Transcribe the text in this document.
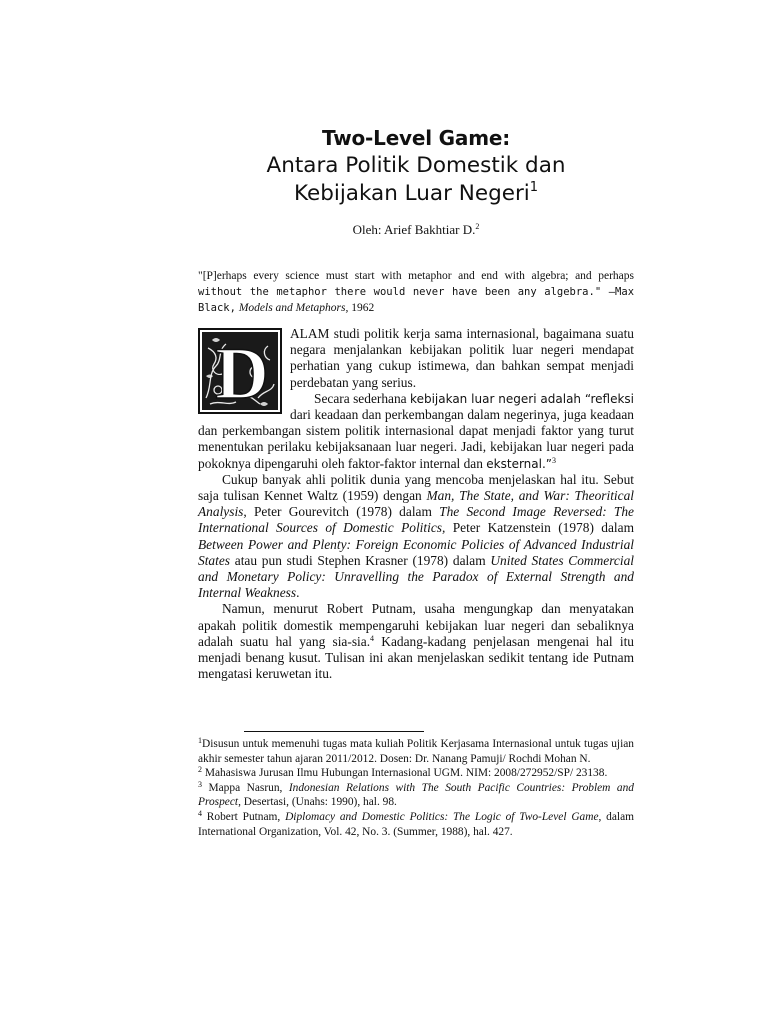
Two-Level Game:
Antara Politik Domestik dan
Kebijakan Luar Negeri$^1$
Oleh: Arief Bakhtiar D.$^2$
"[P]erhaps every science must start with metaphor and end with algebra; and perhaps without the metaphor there would never have been any algebra." —Max Black, Models and Metaphors, 1962
D	ALAM studi politik kerja sama internasional, bagaimana suatu negara menjalankan kebijakan politik luar negeri mendapat perhatian yang cukup istimewa, dan bahkan sempat menjadi perdebatan yang serius.

Secara sederhana kebijakan luar negeri adalah “refleksi dari keadaan dan perkembangan dalam negerinya, juga keadaan dan perkembangan sistem politik internasional dapat menjadi faktor yang turut menentukan perilaku kebijaksanaan luar negeri. Jadi, kebijakan luar negeri pada pokoknya dipengaruhi oleh faktor-faktor internal dan eksternal.”$^3$

Cukup banyak ahli politik dunia yang mencoba menjelaskan hal itu. Sebut saja tulisan Kennet Waltz (1959) dengan Man, The State, and War: Theoritical Analysis, Peter Gourevitch (1978) dalam The Second Image Reversed: The International Sources of Domestic Politics, Peter Katzenstein (1978) dalam Between Power and Plenty: Foreign Economic Policies of Advanced Industrial States atau pun studi Stephen Krasner (1978) dalam United States Commercial and Monetary Policy: Unravelling the Paradox of External Strength and Internal Weakness.

Namun, menurut Robert Putnam, usaha mengungkap dan menyatakan apakah politik domestik mempengaruhi kebijakan luar negeri dan sebaliknya adalah suatu hal yang sia-sia.$^4$ Kadang-kadang penjelasan mengenai hal itu menjadi benang kusut. Tulisan ini akan menjelaskan sedikit tentang ide Putnam mengatasi keruwetan itu.

$^1$Disusun untuk memenuhi tugas mata kuliah Politik Kerjasama Internasional untuk tugas ujian akhir semester tahun ajaran 2011/2012. Dosen: Dr. Nanang Pamuji/ Rochdi Mohan N.

$^2$ Mahasiswa Jurusan Ilmu Hubungan Internasional UGM. NIM: 2008/272952/SP/ 23138.

$^3$ Mappa Nasrun, Indonesian Relations with The South Pacific Countries: Problem and Prospect, Desertasi, (Unahs: 1990), hal. 98.

$^4$ Robert Putnam, Diplomacy and Domestic Politics: The Logic of Two-Level Game, dalam International Organization, Vol. 42, No. 3. (Summer, 1988), hal. 427.
